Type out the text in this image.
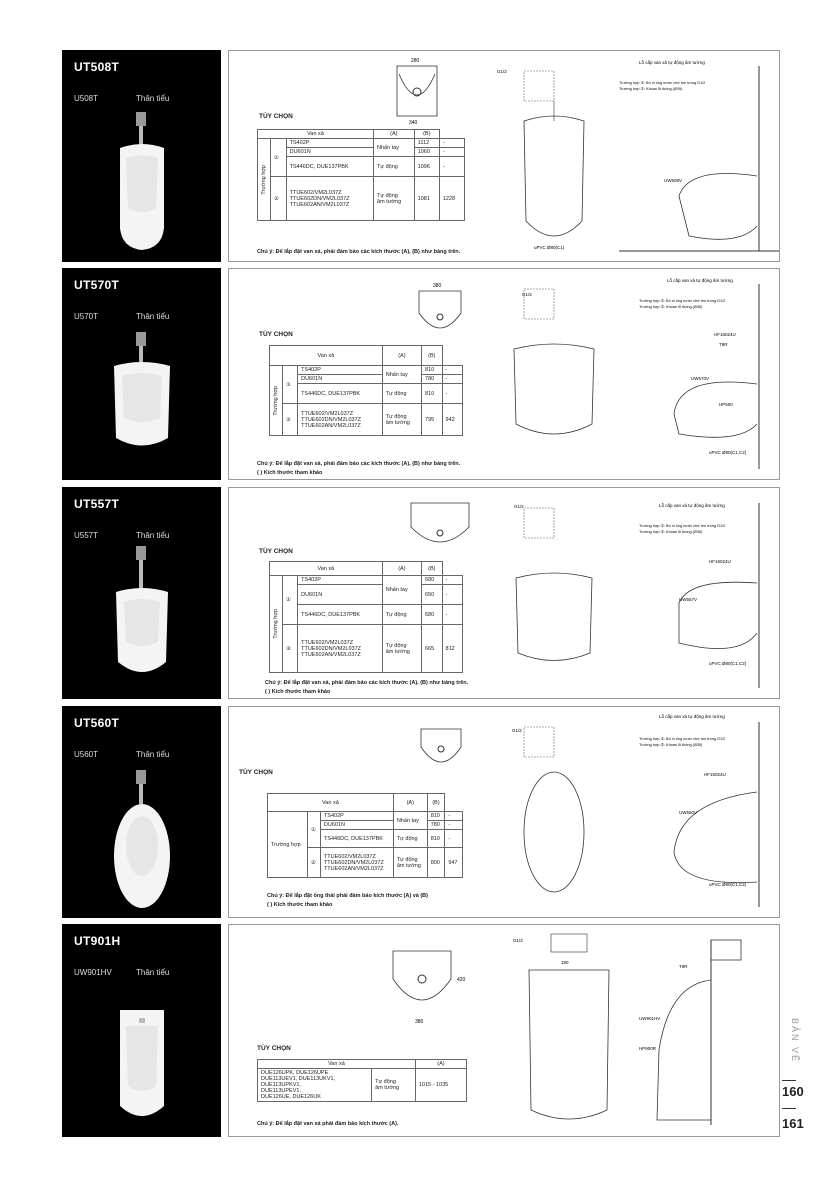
UT508T
U508T	Thân tiểu
TÙY CHỌN
Van xả			(A)	(B)	

Trường hợp	①	TS402P	Nhấn tay	1112	-
		DU601N		1060	-
		TS446DC, DUE137PBK	Tự động	1096	-
	②	TTUE602/VM2L037Z
TTUE602DN/VM2L037Z
TTUE602AN/VM2L037Z	Tự động
âm tường	1081	1228
Chú ý: Để lắp đặt van xả, phải đảm bảo các kích thước (A), (B) như bảng trên.
280
340
G1/2
uPVC Ø80(C1)
Lỗ cấp van xả tự động âm tường
Trường hợp ①: Bồ ni ống nước chờ ren trong G1/2
Trường hợp ②: Khoan lỗ thông (Ø35)
UW508V
UT570T
U570T	Thân tiểu
TÙY CHỌN
Van xả			(A)	(B)	

Trường hợp	①	TS402P	Nhấn tay	810	-
		DU601N		780	-
		TS446DC, DUE137PBK	Tự động	810	-
	②	TTUE602/VM2L037Z
TTUE602DN/VM2L037Z
TTUE602AN/VM2L037Z	Tự động
âm tường	795	942
Chú ý: Để lắp đặt van xả, phải đảm bảo các kích thước (A), (B) như bảng trên.
( ) Kích thước tham khảo
380
G1/2
Lỗ cấp van xả tự động âm tường
Trường hợp ①: Bồ ni ống nước chờ ren trong G1/2
Trường hợp ②: Khoan lỗ thông (Ø35)
HF16024U
T9R
UW570V
HP500
uPVC Ø80(C1,C2)
UT557T
U557T	Thân tiểu
TÙY CHỌN
Van xả			(A)	(B)	

Trường hợp	①	TS402P	Nhấn tay	680	-
		DU601N		650	-
		TS446DC, DUE137PBK	Tự động	680	-
	②	TTUE602/VM2L037Z
TTUE602DN/VM2L037Z
TTUE602AN/VM2L037Z	Tự động
âm tường	665	812
Chú ý: Để lắp đặt van xả, phải đảm bảo các kích thước (A), (B) như bảng trên.
( ) Kích thước tham khảo
G1/2	Lỗ cấp van xả tự động âm tường
Trường hợp ①: Bồ ni ống nước chờ ren trong G1/2
Trường hợp ②: Khoan lỗ thông (Ø35)
HF16024U
UW557V
uPVC Ø80(C1,C2)
UT560T
U560T	Thân tiểu
TÙY CHỌN
Van xả			(A)	(B)	
Trường hợp	①	TS402P	Nhấn tay	810	-
		DU601N		780	-
		TS446DC, DUE137PBK	Tự động	810	-
	②	TTUE602/VM2L037Z
TTUE602DN/VM2L037Z
TTUE602AN/VM2L037Z	Tự động
âm tường	800	947
Chú ý: Để lắp đặt ống thải phải đảm bảo kích thước (A) và (B)
( ) Kích thước tham khảo
G1/2
Lỗ cấp van xả tự động âm tường
Trường hợp ①: Bồ ni ống nước chờ ren trong G1/2
Trường hợp ②: Khoan lỗ thông (Ø35)
HF16024U
UW560V
uPVC Ø80(C1,C2)
UT901H
UW901HV	Thân tiểu
TÙY CHỌN
Van xả		(A)
DUE126UPK, DUE126UPE
DUE113UEV1, DUE113UKV1,
DUE113UPKV1,
DUE113UPEV1,
DUE126UE, DUE126UK	Tự động
âm tường	1015 - 1035
Chú ý: Để lắp đặt van xả phải đảm bảo kích thước (A).
380
420
G1/2
190
T9R
UW901HV
HP900R	BẢN VẼ
160
161
